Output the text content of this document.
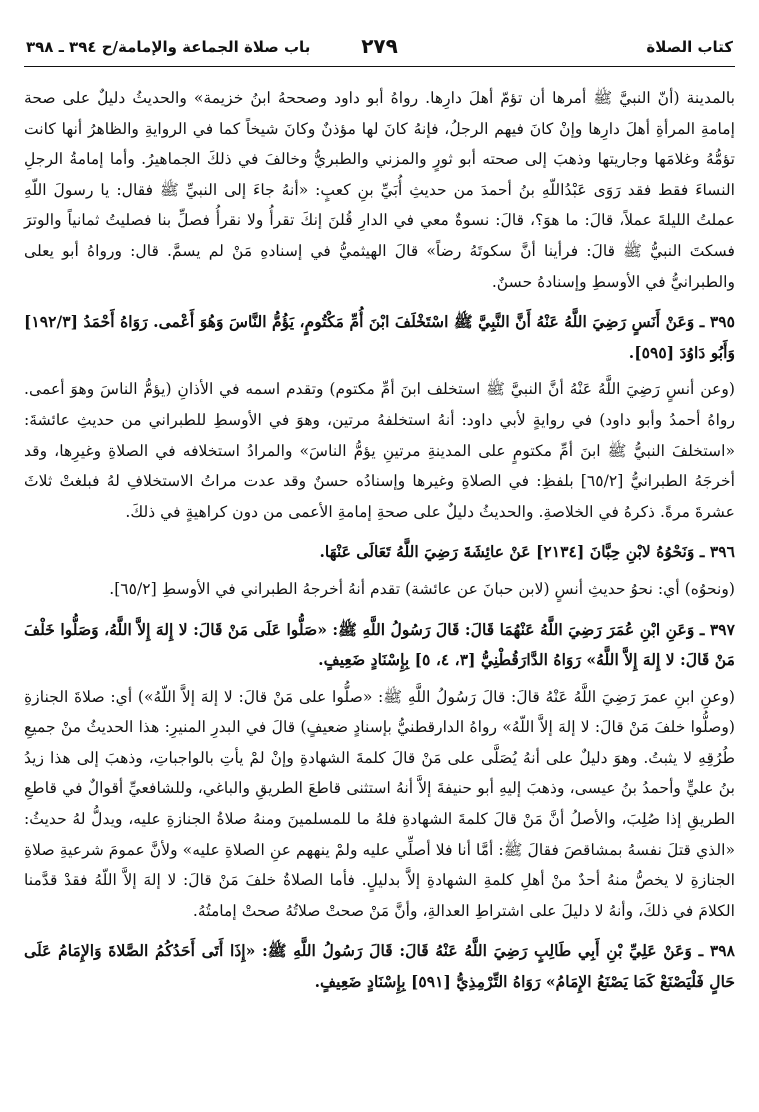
كتاب الصلاة
٢٧٩
باب صلاة الجماعة والإمامة/ح ٣٩٤ ـ ٣٩٨

بالمدينة (أنّ النبيَّ ﷺ أمرها أن تؤمّ أهلَ دارِها. رواهُ أبو داود وصححهُ ابنُ خزيمة» والحديثُ دليلٌ على صحة إمامةِ المرأةِ أهلَ دارِها وإنْ كانَ فيهم الرجلُ، فإنهُ كانَ لها مؤذنٌ وكانَ شيخاً كما في الروايةِ والظاهرُ أنها كانت تؤمُّهُ وغلامَها وجاريتها وذهبَ إلى صحته أبو ثورٍ والمزني والطبريُّ وخالفَ في ذلكَ الجماهيرُ. وأما إمامةُ الرجلِ النساءَ فقط فقد رَوَى عَبْدُاللّهِ بنُ أحمدَ من حديثِ أُبَيِّ بنِ كعبٍ: «أنهُ جاءَ إلى النبيِّ ﷺ فقال: يا رسولَ اللّهِ عملتُ الليلةَ عملاً، قالَ: ما هوَ؟، قالَ: نسوةٌ معي في الدارِ قُلنَ إنكَ تقرأُ ولا نقرأُ فصلِّ بنا فصليتُ ثمانياً والوترَ فسكتَ النبيُّ ﷺ قالَ: فرأينا أنَّ سكوتَهُ رضاً» قالَ الهيثميُّ في إسنادهِ مَنْ لم يسمَّ. قال: ورواهُ أبو يعلى والطبرانيُّ في الأوسطِ وإسنادهُ حسنٌ.

٣٩٥ ـ وَعَنْ أَنَسٍ رَضِيَ اللَّهُ عَنْهُ أَنَّ النَّبِيَّ ﷺ اسْتَخْلَفَ ابْنَ أُمِّ مَكْتُومٍ، يَؤُمُّ النَّاسَ وَهُوَ أَعْمى. رَوَاهُ أَحْمَدُ [١٩٢/٣] وَأَبُو دَاوُدَ [٥٩٥].

(وعن أنسٍ رَضِيَ اللَّهُ عَنْهُ أنَّ النبيَّ ﷺ استخلف ابنَ أمِّ مكتوم) وتقدم اسمه في الأذانِ (يؤمُّ الناسَ وهوَ أعمى. رواهُ أحمدُ وأبو داود) في روايةٍ لأبي داود: أنهُ استخلفهُ مرتين، وهوَ في الأوسطِ للطبراني من حديثِ عائشةَ: «استخلفَ النبيُّ ﷺ ابنَ أمِّ مكتومٍ على المدينةِ مرتينِ يؤمُّ الناسَ» والمرادُ استخلافه في الصلاةِ وغيرِها، وقد أخرجَهُ الطبرانيُّ [٦٥/٢] بلفظِ: في الصلاةِ وغيرها وإسنادُه حسنٌ وقد عدت مراتُ الاستخلافِ لهُ فبلغتْ ثلاثَ عشرةَ مرةً. ذكرهُ في الخلاصةِ. والحديثُ دليلٌ على صحةِ إمامةِ الأعمى من دون كراهيةٍ في ذلكَ.

٣٩٦ ـ وَنَحْوُهُ لابْنِ حِبَّانَ [٢١٣٤] عَنْ عائِشَةَ رَضِيَ اللَّهُ تَعَالَى عَنْهَا.

(ونحوُه) أي: نحوُ حديثِ أنسٍ (لابن حبانَ عن عائشة) تقدم أنهُ أخرجهُ الطبراني في الأوسطِ [٦٥/٢].

٣٩٧ ـ وَعَنِ ابْنِ عُمَرَ رَضِيَ اللَّهُ عَنْهُمَا قَالَ: قَالَ رَسُولُ اللَّهِ ﷺ: «صَلُّوا عَلَى مَنْ قَالَ: لا إِلهَ إِلاَّ اللَّهُ، وَصَلُّوا خَلْفَ مَنْ قَالَ: لا إِلهَ إِلاَّ اللَّهُ» رَوَاهُ الدَّارَقُطْنِيُّ [٣، ٤، ٥] بِإِسْنَادٍ ضَعِيفٍ.

(وعنِ ابنِ عمرَ رَضِيَ اللَّهُ عَنْهُ قالَ: قالَ رَسُولُ اللَّهِ ﷺ: «صلُّوا على مَنْ قالَ: لا إلهَ إلاَّ اللّهُ») أي: صلاةَ الجنازةِ (وصلُّوا خلفَ مَنْ قالَ: لا إلهَ إلاَّ اللّهُ» رواهُ الدارقطنيُّ بإسنادٍ ضعيفٍ) قالَ في البدرِ المنيرِ: هذا الحديثُ منْ جميعِ طُرُقِهِ لا يثبتُ. وهوَ دليلٌ على أنهُ يُصَلَّى على مَنْ قالَ كلمةَ الشهادةِ وإنْ لمْ يأتِ بالواجباتِ، وذهبَ إلى هذا زيدُ بنُ عليٍّ وأحمدُ بنُ عيسى، وذهبَ إليهِ أبو حنيفةَ إلاَّ أنهُ استثنى قاطعَ الطريقِ والباغي، وللشافعيِّ أقوالٌ في قاطعِ الطريقِ إذا صُلِبَ، والأصلُ أنَّ مَنْ قالَ كلمةَ الشهادةِ فلهُ ما للمسلمينَ ومنهُ صلاةُ الجنازةِ عليه، ويدلُّ لهُ حديثُ: «الذي قتلَ نفسهُ بمشاقصَ فقالَ ﷺ: أمَّا أنا فلا أصلِّي عليه ولمْ ينههم عنِ الصلاةِ عليه» ولأنَّ عمومَ شرعيةِ صلاةِ الجنازةِ لا يخصُّ منهُ أحدٌ منْ أهلِ كلمةِ الشهادةِ إلاَّ بدليلٍ. فأما الصلاةُ خلفَ مَنْ قالَ: لا إلهَ إلاَّ اللّهُ فقدْ قدَّمنا الكلامَ في ذلكَ، وأنهُ لا دليلَ على اشتراطِ العدالةِ، وأنَّ مَنْ صحتْ صلاتُهُ صحتْ إمامتُهُ.

٣٩٨ ـ وَعَنْ عَلِيِّ بْنِ أَبِي طَالِبٍ رَضِيَ اللَّهُ عَنْهُ قَالَ: قَالَ رَسُولُ اللَّهِ ﷺ: «إِذَا أَتَى أَحَدُكُمُ الصَّلاةَ وَالإِمَامُ عَلَى حَالٍ فَلْيَصْنَعْ كَمَا يَصْنَعُ الإِمَامُ» رَوَاهُ التِّرْمِذِيُّ [٥٩١] بِإِسْنَادٍ ضَعِيفٍ.
